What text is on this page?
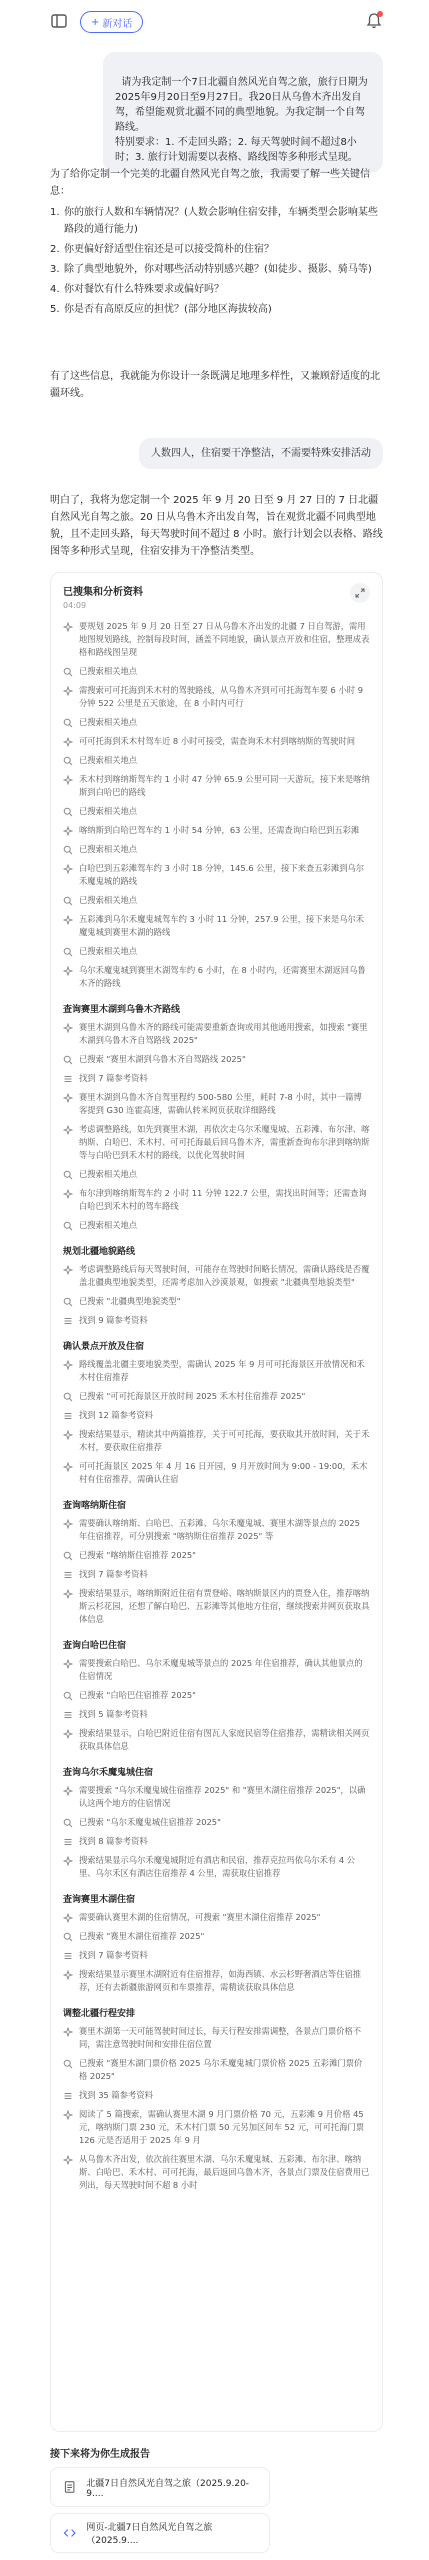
+ 新对话

请为我定制一个7日北疆自然风光自驾之旅，旅行日期为2025年9月20日至9月27日。我20日从乌鲁木齐出发自驾，希望能观赏北疆不同的典型地貌。为我定制一个自驾路线。
特别要求：1. 不走回头路；2. 每天驾驶时间不超过8小时；3. 旅行计划需要以表格、路线图等多种形式呈现。

为了给你定制一个完美的北疆自然风光自驾之旅，我需要了解一些关键信息：
1. 你的旅行人数和车辆情况？(人数会影响住宿安排，车辆类型会影响某些路段的通行能力)
2. 你更偏好舒适型住宿还是可以接受简朴的住宿？
3. 除了典型地貌外，你对哪些活动特别感兴趣？(如徒步、摄影、骑马等)
4. 你对餐饮有什么特殊要求或偏好吗？
5. 你是否有高原反应的担忧？(部分地区海拔较高)
有了这些信息，我就能为你设计一条既满足地理多样性，又兼顾舒适度的北疆环线。
人数四人，住宿要干净整洁，不需要特殊安排活动
明白了，我将为您定制一个 2025 年 9 月 20 日至 9 月 27 日的 7 日北疆自然风光自驾之旅。20 日从乌鲁木齐出发自驾，旨在观赏北疆不同典型地貌，且不走回头路，每天驾驶时间不超过 8 小时。旅行计划会以表格、路线图等多种形式呈现，住宿安排为干净整洁类型。
已搜集和分析资料
04:09
要规划 2025 年 9 月 20 日至 27 日从乌鲁木齐出发的北疆 7 日自驾游，需用地图规划路线，控制每段时间，涵盖不同地貌，确认景点开放和住宿，整理成表格和路线图呈现
已搜索相关地点
需搜索可可托海到禾木村的驾驶路线，从乌鲁木齐到可可托海驾车要 6 小时 9 分钟 522 公里是五天旅途，在 8 小时内可行
已搜索相关地点
可可托海到禾木村驾车近 8 小时可接受，需查询禾木村到喀纳斯的驾驶时间
已搜索相关地点
禾木村到喀纳斯驾车约 1 小时 47 分钟 65.9 公里可同一天游玩，接下来是喀纳斯到白哈巴的路线
已搜索相关地点
喀纳斯到白哈巴驾车约 1 小时 54 分钟，63 公里，还需查询白哈巴到五彩滩
已搜索相关地点
白哈巴到五彩滩驾车约 3 小时 18 分钟，145.6 公里，接下来查五彩滩到乌尔禾魔鬼城的路线
已搜索相关地点
五彩滩到乌尔禾魔鬼城驾车约 3 小时 11 分钟，257.9 公里，接下来是乌尔禾魔鬼城到赛里木湖的路线
已搜索相关地点
乌尔禾魔鬼城到赛里木湖驾车约 6 小时，在 8 小时内，还需赛里木湖返回乌鲁木齐的路线
查询赛里木湖到乌鲁木齐路线
赛里木湖到乌鲁木齐的路线可能需要重新查询或用其他通用搜索，如搜索 "赛里木湖到乌鲁木齐自驾路线 2025"
已搜索 "赛里木湖到乌鲁木齐自驾路线 2025"
找到 7 篇参考资料
赛里木湖到乌鲁木齐自驾里程约 500-580 公里，耗时 7-8 小时，其中一篇博客提到 G30 连霍高速，需确认转米网页获取详细路线
考虑调整路线，如先到赛里木湖，再依次走乌尔禾魔鬼城、五彩滩、布尔津、喀纳斯、白哈巴、禾木村、可可托海最后回乌鲁木齐，需重新查询布尔津到喀纳斯等与白哈巴到禾木村的路线，以优化驾驶时间
已搜索相关地点
布尔津到喀纳斯驾车约 2 小时 11 分钟 122.7 公里，需找出时间等；还需查询白哈巴到禾木村的驾车路线
已搜索相关地点
规划北疆地貌路线
考虑调整路线后每天驾驶时间，可能存在驾驶时间略长情况，需确认路线是否覆盖北疆典型地貌类型，还需考虑加入沙漠景观，如搜索 "北疆典型地貌类型"
已搜索 "北疆典型地貌类型"
找到 9 篇参考资料
确认景点开放及住宿
路线覆盖北疆主要地貌类型，需确认 2025 年 9 月可可托海景区开放情况和禾木村住宿推荐
已搜索 "可可托海景区开放时间 2025 禾木村住宿推荐 2025"
找到 12 篇参考资料
搜索结果显示，精读其中两篇推荐，关于可可托海，要获取其开放时间，关于禾木村，要获取住宿推荐
可可托海景区 2025 年 4 月 16 日开园，9 月开放时间为 9:00 - 19:00，禾木村有住宿推荐，需确认住宿
查询喀纳斯住宿
需要确认喀纳斯、白哈巴、五彩滩、乌尔禾魔鬼城、赛里木湖等景点的 2025 年住宿推荐，可分别搜索 "喀纳斯住宿推荐 2025" 等
已搜索 "喀纳斯住宿推荐 2025"
找到 7 篇参考资料
搜索结果显示，喀纳斯附近住宿有贾登峪、喀纳斯景区内的贾登入住，推荐喀纳斯云杉花园，还想了解白哈巴、五彩滩等其他地方住宿，继续搜索并网页获取具体信息
查询白哈巴住宿
需要搜索白哈巴、乌尔禾魔鬼城等景点的 2025 年住宿推荐，确认其他景点的住宿情况
已搜索 "白哈巴住宿推荐 2025"
找到 5 篇参考资料
搜索结果显示，白哈巴附近住宿有图瓦人家庭民宿等住宿推荐，需精读相关网页获取具体信息
查询乌尔禾魔鬼城住宿
需要搜索 "乌尔禾魔鬼城住宿推荐 2025" 和 "赛里木湖住宿推荐 2025"，以确认这两个地方的住宿情况
已搜索 "乌尔禾魔鬼城住宿推荐 2025"
找到 8 篇参考资料
搜索结果显示乌尔禾魔鬼城附近有酒店和民宿，推荐克拉玛依乌尔禾有 4 公里、乌尔禾区有酒店住宿推荐 4 公里，需获取住宿推荐
查询赛里木湖住宿
需要确认赛里木湖的住宿情况，可搜索 "赛里木湖住宿推荐 2025"
已搜索 "赛里木湖住宿推荐 2025"
找到 7 篇参考资料
搜索结果显示赛里木湖附近有住宿推荐，如海西镇、水云杉野奢酒店等住宿推荐，还有去新疆旅游网页和车票推荐，需精读获取具体信息
调整北疆行程安排
赛里木湖第一天可能驾驶时间过长，每天行程安排需调整，各景点门票价格不同，需注意驾驶时间和安排住宿位置
已搜索 "赛里木湖门票价格 2025 乌尔禾魔鬼城门票价格 2025 五彩滩门票价格 2025"
找到 35 篇参考资料
阅读了 5 篇搜索，需确认赛里木湖 9 月门票价格 70 元，五彩滩 9 月价格 45 元，喀纳斯门票 230 元，禾木村门票 50 元另加区间车 52 元，可可托海门票 126 元是否适用于 2025 年 9 月
从乌鲁木齐出发，依次前往赛里木湖、乌尔禾魔鬼城、五彩滩、布尔津、喀纳斯、白哈巴、禾木村、可可托海，最后返回乌鲁木齐，各景点门票及住宿费用已列出，每天驾驶时间不超 8 小时
接下来将为你生成报告
北疆7日自然风光自驾之旅（2025.9.20-9....
网页-北疆7日自然风光自驾之旅（2025.9....
